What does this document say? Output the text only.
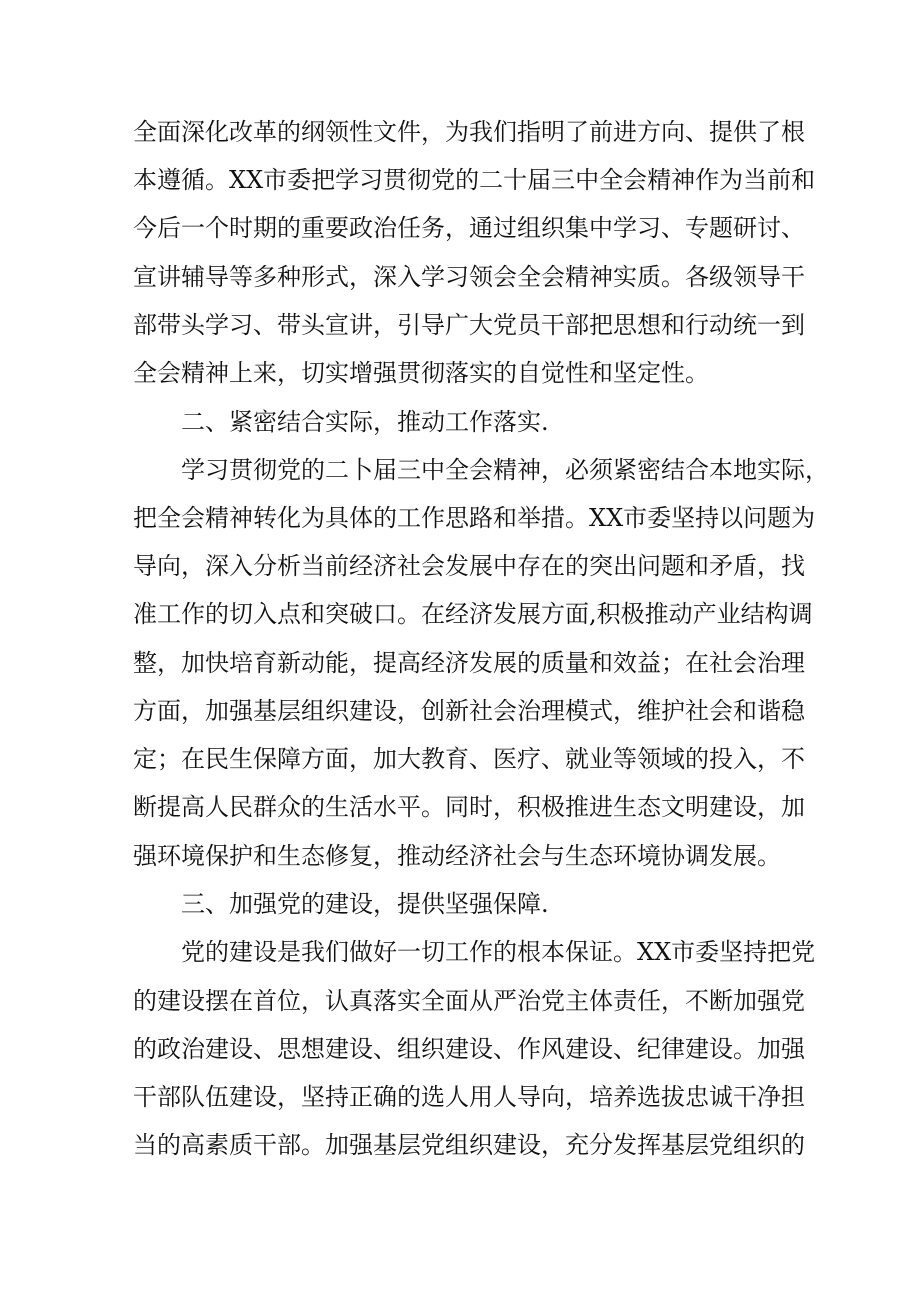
全面深化改革的纲领性文件，为我们指明了前进方向、提供了根
本遵循。XX市委把学习贯彻党的二十届三中全会精神作为当前和
今后一个时期的重要政治任务，通过组织集中学习、专题研讨、
宣讲辅导等多种形式，深入学习领会全会精神实质。各级领导干
部带头学习、带头宣讲，引导广大党员干部把思想和行动统一到
全会精神上来，切实增强贯彻落实的自觉性和坚定性。
二、紧密结合实际，推动工作落实.
学习贯彻党的二卜届三中全会精神，必须紧密结合本地实际，
把全会精神转化为具体的工作思路和举措。XX市委坚持以问题为
导向，深入分析当前经济社会发展中存在的突出问题和矛盾，找
准工作的切入点和突破口。在经济发展方面,积极推动产业结构调
整，加快培育新动能，提高经济发展的质量和效益；在社会治理
方面，加强基层组织建设，创新社会治理模式，维护社会和谐稳
定；在民生保障方面，加大教育、医疗、就业等领域的投入，不
断提高人民群众的生活水平。同时，积极推进生态文明建设，加
强环境保护和生态修复，推动经济社会与生态环境协调发展。
三、加强党的建设，提供坚强保障.
党的建设是我们做好一切工作的根本保证。XX市委坚持把党
的建设摆在首位，认真落实全面从严治党主体责任，不断加强党
的政治建设、思想建设、组织建设、作风建设、纪律建设。加强
干部队伍建设，坚持正确的选人用人导向，培养选拔忠诚干净担
当的高素质干部。加强基层党组织建设，充分发挥基层党组织的
